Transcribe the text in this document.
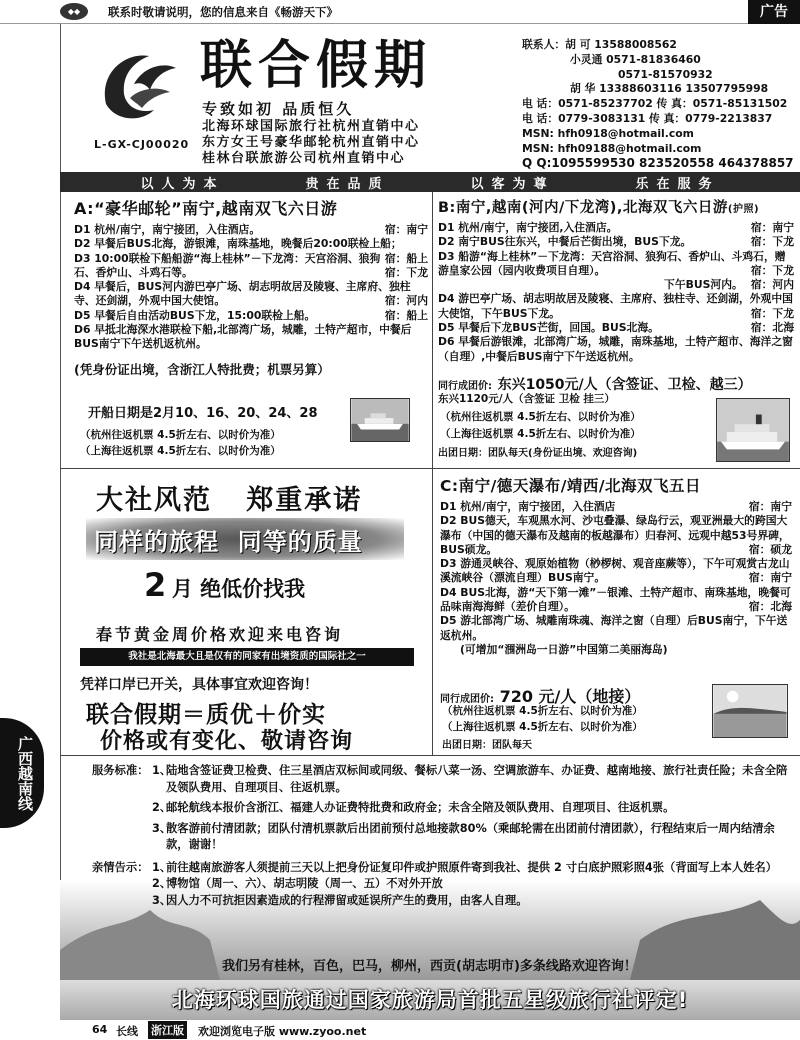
◆◆	联系时敬请说明，您的信息来自《畅游天下》	广告
联合假期
专致如初 品质恒久
北海环球国际旅行社杭州直销中心
东方女王号豪华邮轮杭州直销中心
桂林台联旅游公司杭州直销中心
L-GX-CJ00020
联系人：胡 可 13588008562
小灵通 0571-81836460
0571-81570932
胡 华 13388603116 13507795998
电 话：0571-85237702 传 真：0571-85131502
电 话：0779-3083131 传 真：0779-2213837
MSN: hfh0918@hotmail.com
MSN: hfh09188@hotmail.com
Q Q:1095599530 823520558 464378857
以人为本	贵在品质	以客为尊	乐在服务
A:“豪华邮轮”南宁,越南双飞六日游
D1 杭州/南宁，南宁接团，入住酒店。	宿：南宁
D2 早餐后BUS北海，游银滩，南珠基地，晚餐后20:00联检上船；
宿：船上
D3 10:00联检下船船游“海上桂林”－下龙湾：天宫浴洞、狼狗石、香炉山、斗鸡石等。	宿：下龙
D4 早餐后，BUS河内游巴亭广场、胡志明故居及陵寝、主席府、独柱寺、还剑湖，外观中国大使馆。	宿：河内
D5 早餐后自由活动BUS下龙，15:00联检上船。	宿：船上
D6 早抵北海深水港联检下船,北部湾广场，城雕，土特产超市，中餐后BUS南宁下午送机返杭州。
(凭身份证出境，含浙江人特批费；机票另算）
开船日期是2月10、16、20、24、28
（杭州往返机票 4.5折左右、以时价为准）
（上海往返机票 4.5折左右、以时价为准）
B:南宁,越南(河内/下龙湾),北海双飞六日游(护照)
D1 杭州/南宁，南宁接团,入住酒店。	宿：南宁
D2 南宁BUS往东兴，中餐后芒街出境，BUS下龙。	宿：下龙
D3 船游“海上桂林”－下龙湾：天宫浴洞、狼狗石、香炉山、斗鸡石，赠游皇家公园（园内收费项目自理）。	宿：下龙
下午BUS河内。 宿：河内
D4 游巴亭广场、胡志明故居及陵寝、主席府、独柱寺、还剑湖，外观中国大使馆，下午BUS下龙。	宿：下龙
D5 早餐后下龙BUS芒街，回国。BUS北海。	宿：北海
D6 早餐后游银滩，北部湾广场，城雕，南珠基地，土特产超市、海洋之窗（自理）,中餐后BUS南宁下午送返杭州。
同行成团价: 东兴1050元/人（含签证、卫检、越三）
东兴1120元/人（含签证 卫检 挂三）
（杭州往返机票 4.5折左右、以时价为准）
（上海往返机票 4.5折左右、以时价为准）
出团日期：团队每天(身份证出境、欢迎咨询)
大社风范   郑重承诺
同样的旅程  同等的质量
2 月 绝低价找我
春节黄金周价格欢迎来电咨询
我社是北海最大且是仅有的同家有出境资质的国际社之一
凭祥口岸已开关，具体事宜欢迎咨询！
联合假期＝质优＋价实
价格或有变化、敬请咨询
C:南宁/德天瀑布/靖西/北海双飞五日
D1 杭州/南宁，南宁接团，入住酒店	宿：南宁
D2 BUS德天，车观黑水河、沙屯叠瀑、绿岛行云，观亚洲最大的跨国大瀑布（中国的德天瀑布及越南的板越瀑布）归春河、远观中越53号界碑，BUS硕龙。	宿：硕龙
D3 游通灵峡谷、观原始植物（桫椤树、观音座蕨等），下午可观赏古龙山溪流峡谷（漂流自理）BUS南宁。	宿：南宁
D4 BUS北海，游“天下第一滩”－银滩、土特产超市、南珠基地，晚餐可品味南海海鲜（差价自理）。	宿：北海
D5 游北部湾广场、城雕南珠魂、海洋之窗（自理）后BUS南宁，下午送返杭州。
(可增加“涠洲岛一日游”中国第二美丽海岛)
同行成团价: 720 元/人（地接）
（杭州往返机票 4.5折左右、以时价为准）
（上海往返机票 4.5折左右、以时价为准）
出团日期：团队每天
服务标准： 1、
陆地含签证费卫检费、住三星酒店双标间或同级、餐标八菜一汤、空调旅游车、办证费、越南地接、旅行社责任险；未含全陪及领队费用、自理项目、往返机票。
2、
邮轮航线本报价含浙江、福建人办证费特批费和政府金；未含全陪及领队费用、自理项目、往返机票。
3、
散客游前付清团款；团队付清机票款后出团前预付总地接款80%（乘邮轮需在出团前付清团款），行程结束后一周内结清余款，谢谢！
亲情告示： 1、
前往越南旅游客人须提前三天以上把身份证复印件或护照原件寄到我社、提供 2 寸白底护照彩照4张（背面写上本人姓名）
2、
博物馆（周一、六）、胡志明陵（周一、五）不对外开放
3、
因人力不可抗拒因素造成的行程滞留或延误所产生的费用，由客人自理。
我们另有桂林，百色，巴马，柳州，西贡(胡志明市)多条线路欢迎咨询！
北海环球国旅通过国家旅游局首批五星级旅行社评定!
广西越南线
64 长线 浙江版 欢迎浏览电子版 www.zyoo.net
